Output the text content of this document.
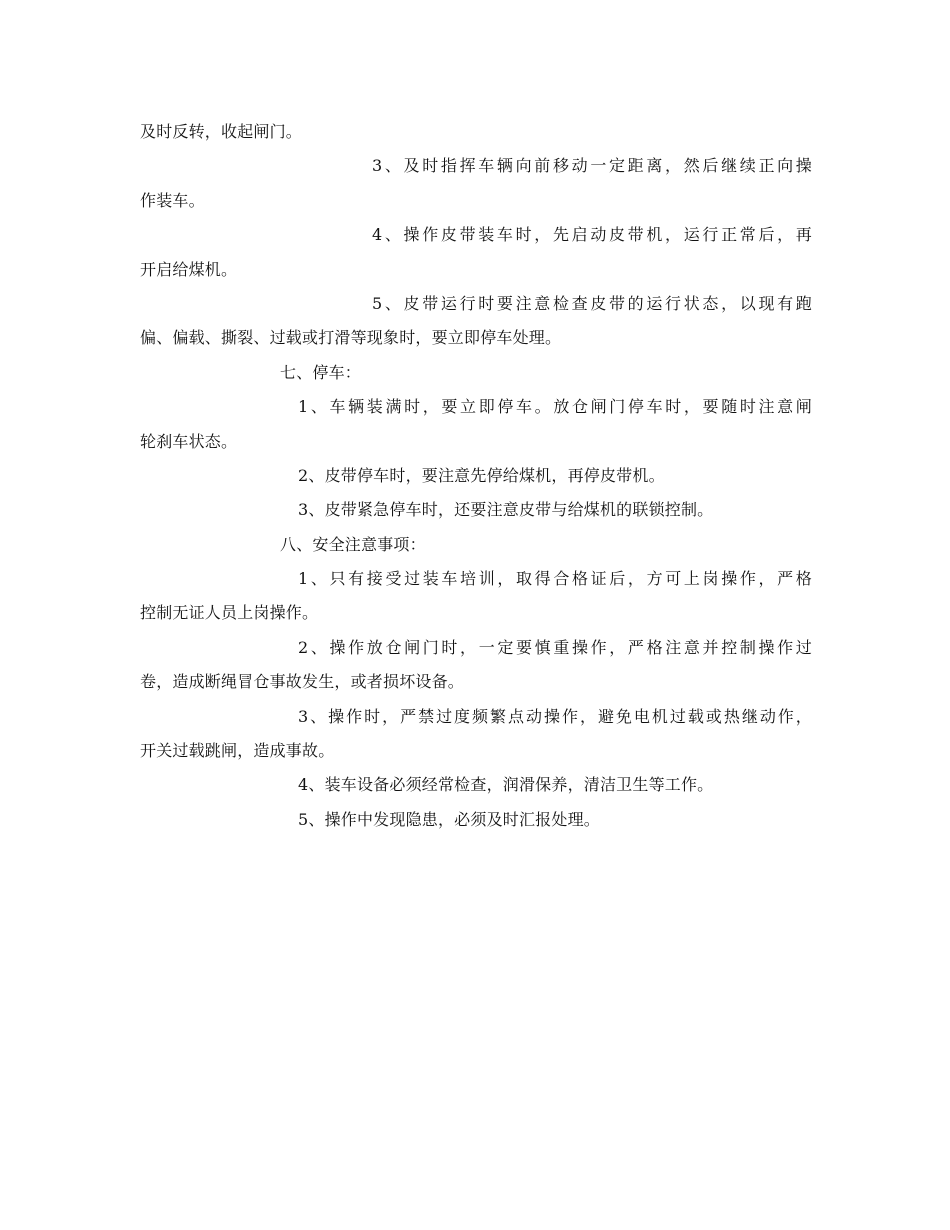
及时反转，收起闸门。
3、及时指挥车辆向前移动一定距离，然后继续正向操
作装车。
4、操作皮带装车时，先启动皮带机，运行正常后，再
开启给煤机。
5、皮带运行时要注意检查皮带的运行状态，以现有跑
偏、偏载、撕裂、过载或打滑等现象时，要立即停车处理。
七、停车：
1、车辆装满时，要立即停车。放仓闸门停车时，要随时注意闸
轮刹车状态。
2、皮带停车时，要注意先停给煤机，再停皮带机。
3、皮带紧急停车时，还要注意皮带与给煤机的联锁控制。
八、安全注意事项：
1、只有接受过装车培训，取得合格证后，方可上岗操作，严格
控制无证人员上岗操作。
2、操作放仓闸门时，一定要慎重操作，严格注意并控制操作过
卷，造成断绳冒仓事故发生，或者损坏设备。
3、操作时，严禁过度频繁点动操作，避免电机过载或热继动作，
开关过载跳闸，造成事故。
4、装车设备必须经常检查，润滑保养，清洁卫生等工作。
5、操作中发现隐患，必须及时汇报处理。
